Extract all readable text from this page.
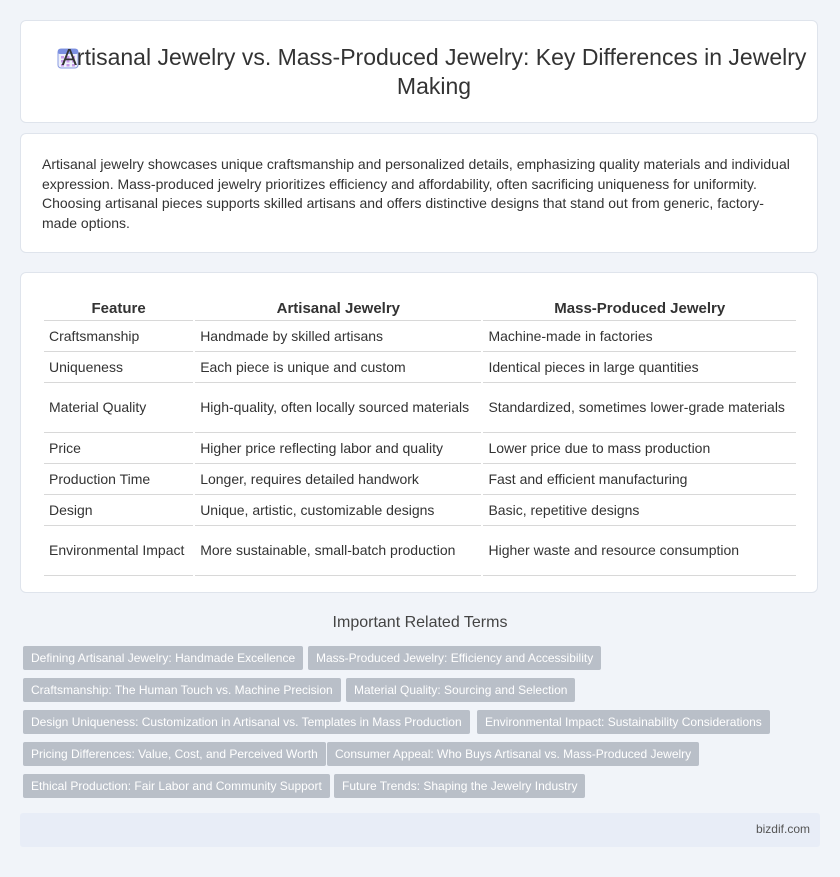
Artisanal Jewelry vs. Mass-Produced Jewelry: Key Differences in Jewelry Making

Artisanal jewelry showcases unique craftsmanship and personalized details, emphasizing quality materials and individual expression. Mass-produced jewelry prioritizes efficiency and affordability, often sacrificing uniqueness for uniformity. Choosing artisanal pieces supports skilled artisans and offers distinctive designs that stand out from generic, factory-made options.

Feature	Artisanal Jewelry	Mass-Produced Jewelry
Craftsmanship	Handmade by skilled artisans	Machine-made in factories
Uniqueness	Each piece is unique and custom	Identical pieces in large quantities
Material Quality	High-quality, often locally sourced materials	Standardized, sometimes lower-grade materials
Price	Higher price reflecting labor and quality	Lower price due to mass production
Production Time	Longer, requires detailed handwork	Fast and efficient manufacturing
Design	Unique, artistic, customizable designs	Basic, repetitive designs
Environmental Impact	More sustainable, small-batch production	Higher waste and resource consumption
Important Related Terms
Defining Artisanal Jewelry: Handmade Excellence	Mass-Produced Jewelry: Efficiency and Accessibility
Craftsmanship: The Human Touch vs. Machine Precision	Material Quality: Sourcing and Selection
Design Uniqueness: Customization in Artisanal vs. Templates in Mass Production	Environmental Impact: Sustainability Considerations
Pricing Differences: Value, Cost, and Perceived Worth	Consumer Appeal: Who Buys Artisanal vs. Mass-Produced Jewelry
Ethical Production: Fair Labor and Community Support	Future Trends: Shaping the Jewelry Industry
bizdif.com
